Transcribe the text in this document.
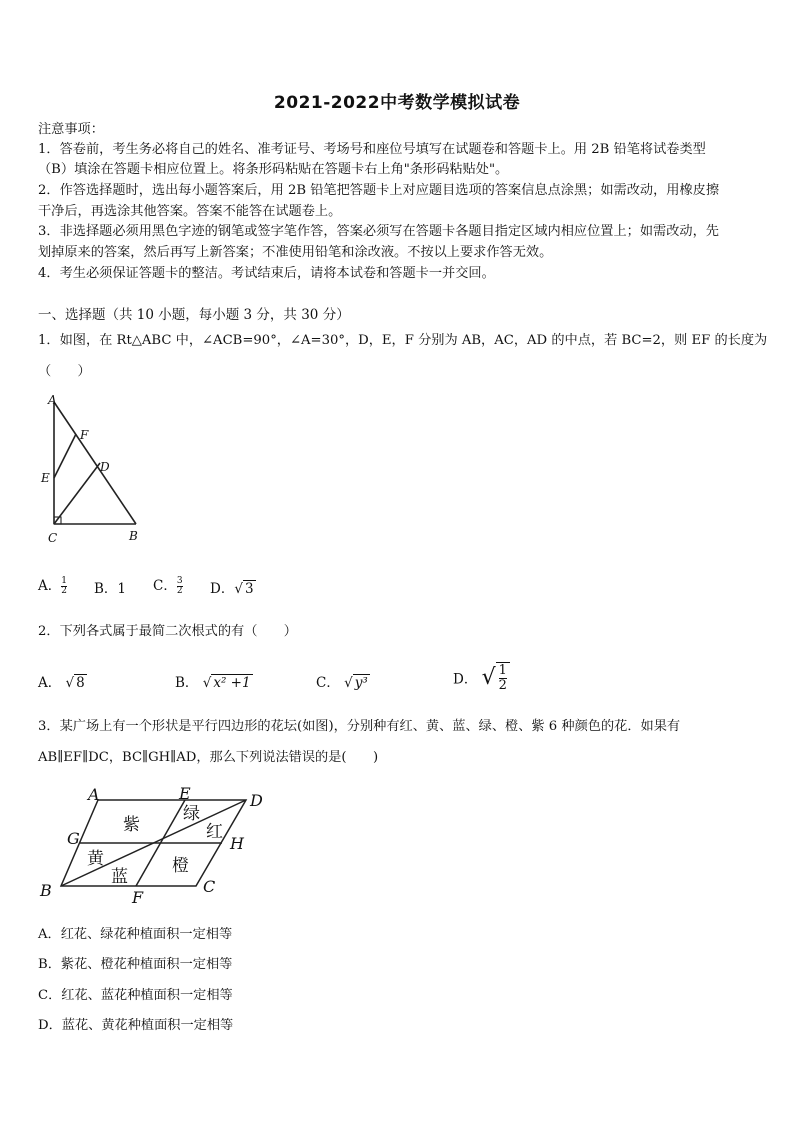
2021-2022中考数学模拟试卷
注意事项：
1．答卷前，考生务必将自己的姓名、准考证号、考场号和座位号填写在试题卷和答题卡上。用 2B 铅笔将试卷类型
（B）填涂在答题卡相应位置上。将条形码粘贴在答题卡右上角"条形码粘贴处"。
2．作答选择题时，选出每小题答案后，用 2B 铅笔把答题卡上对应题目选项的答案信息点涂黑；如需改动，用橡皮擦
干净后，再选涂其他答案。答案不能答在试题卷上。
3．非选择题必须用黑色字迹的钢笔或签字笔作答，答案必须写在答题卡各题目指定区域内相应位置上；如需改动，先
划掉原来的答案，然后再写上新答案；不准使用铅笔和涂改液。不按以上要求作答无效。
4．考生必须保证答题卡的整洁。考试结束后，请将本试卷和答题卡一并交回。
一、选择题（共 10 小题，每小题 3 分，共 30 分）
1．如图，在 Rt△ABC 中，∠ACB=90°，∠A=30°，D，E，F 分别为 AB，AC，AD 的中点，若 BC=2，则 EF 的长度为
（　　）
A
F
D
E
C	B
A． $\frac{1}{2}$ B．1 C． $\frac{3}{2}$ D．√ 3
2．下列各式属于最简二次根式的有（　　）
A． √ 8	B． √ x² +1	C． √ y³	D． √ $\frac{1}{2}$
3．某广场上有一个形状是平行四边形的花坛(如图)，分别种有红、黄、蓝、绿、橙、紫 6 种颜色的花．如果有
AB∥EF∥DC，BC∥GH∥AD，那么下列说法错误的是(　　)
A	E	D
G	H
B	F
C
紫
绿
红
黄
蓝
橙
A．红花、绿花种植面积一定相等
B．紫花、橙花种植面积一定相等
C．红花、蓝花种植面积一定相等
D．蓝花、黄花种植面积一定相等
